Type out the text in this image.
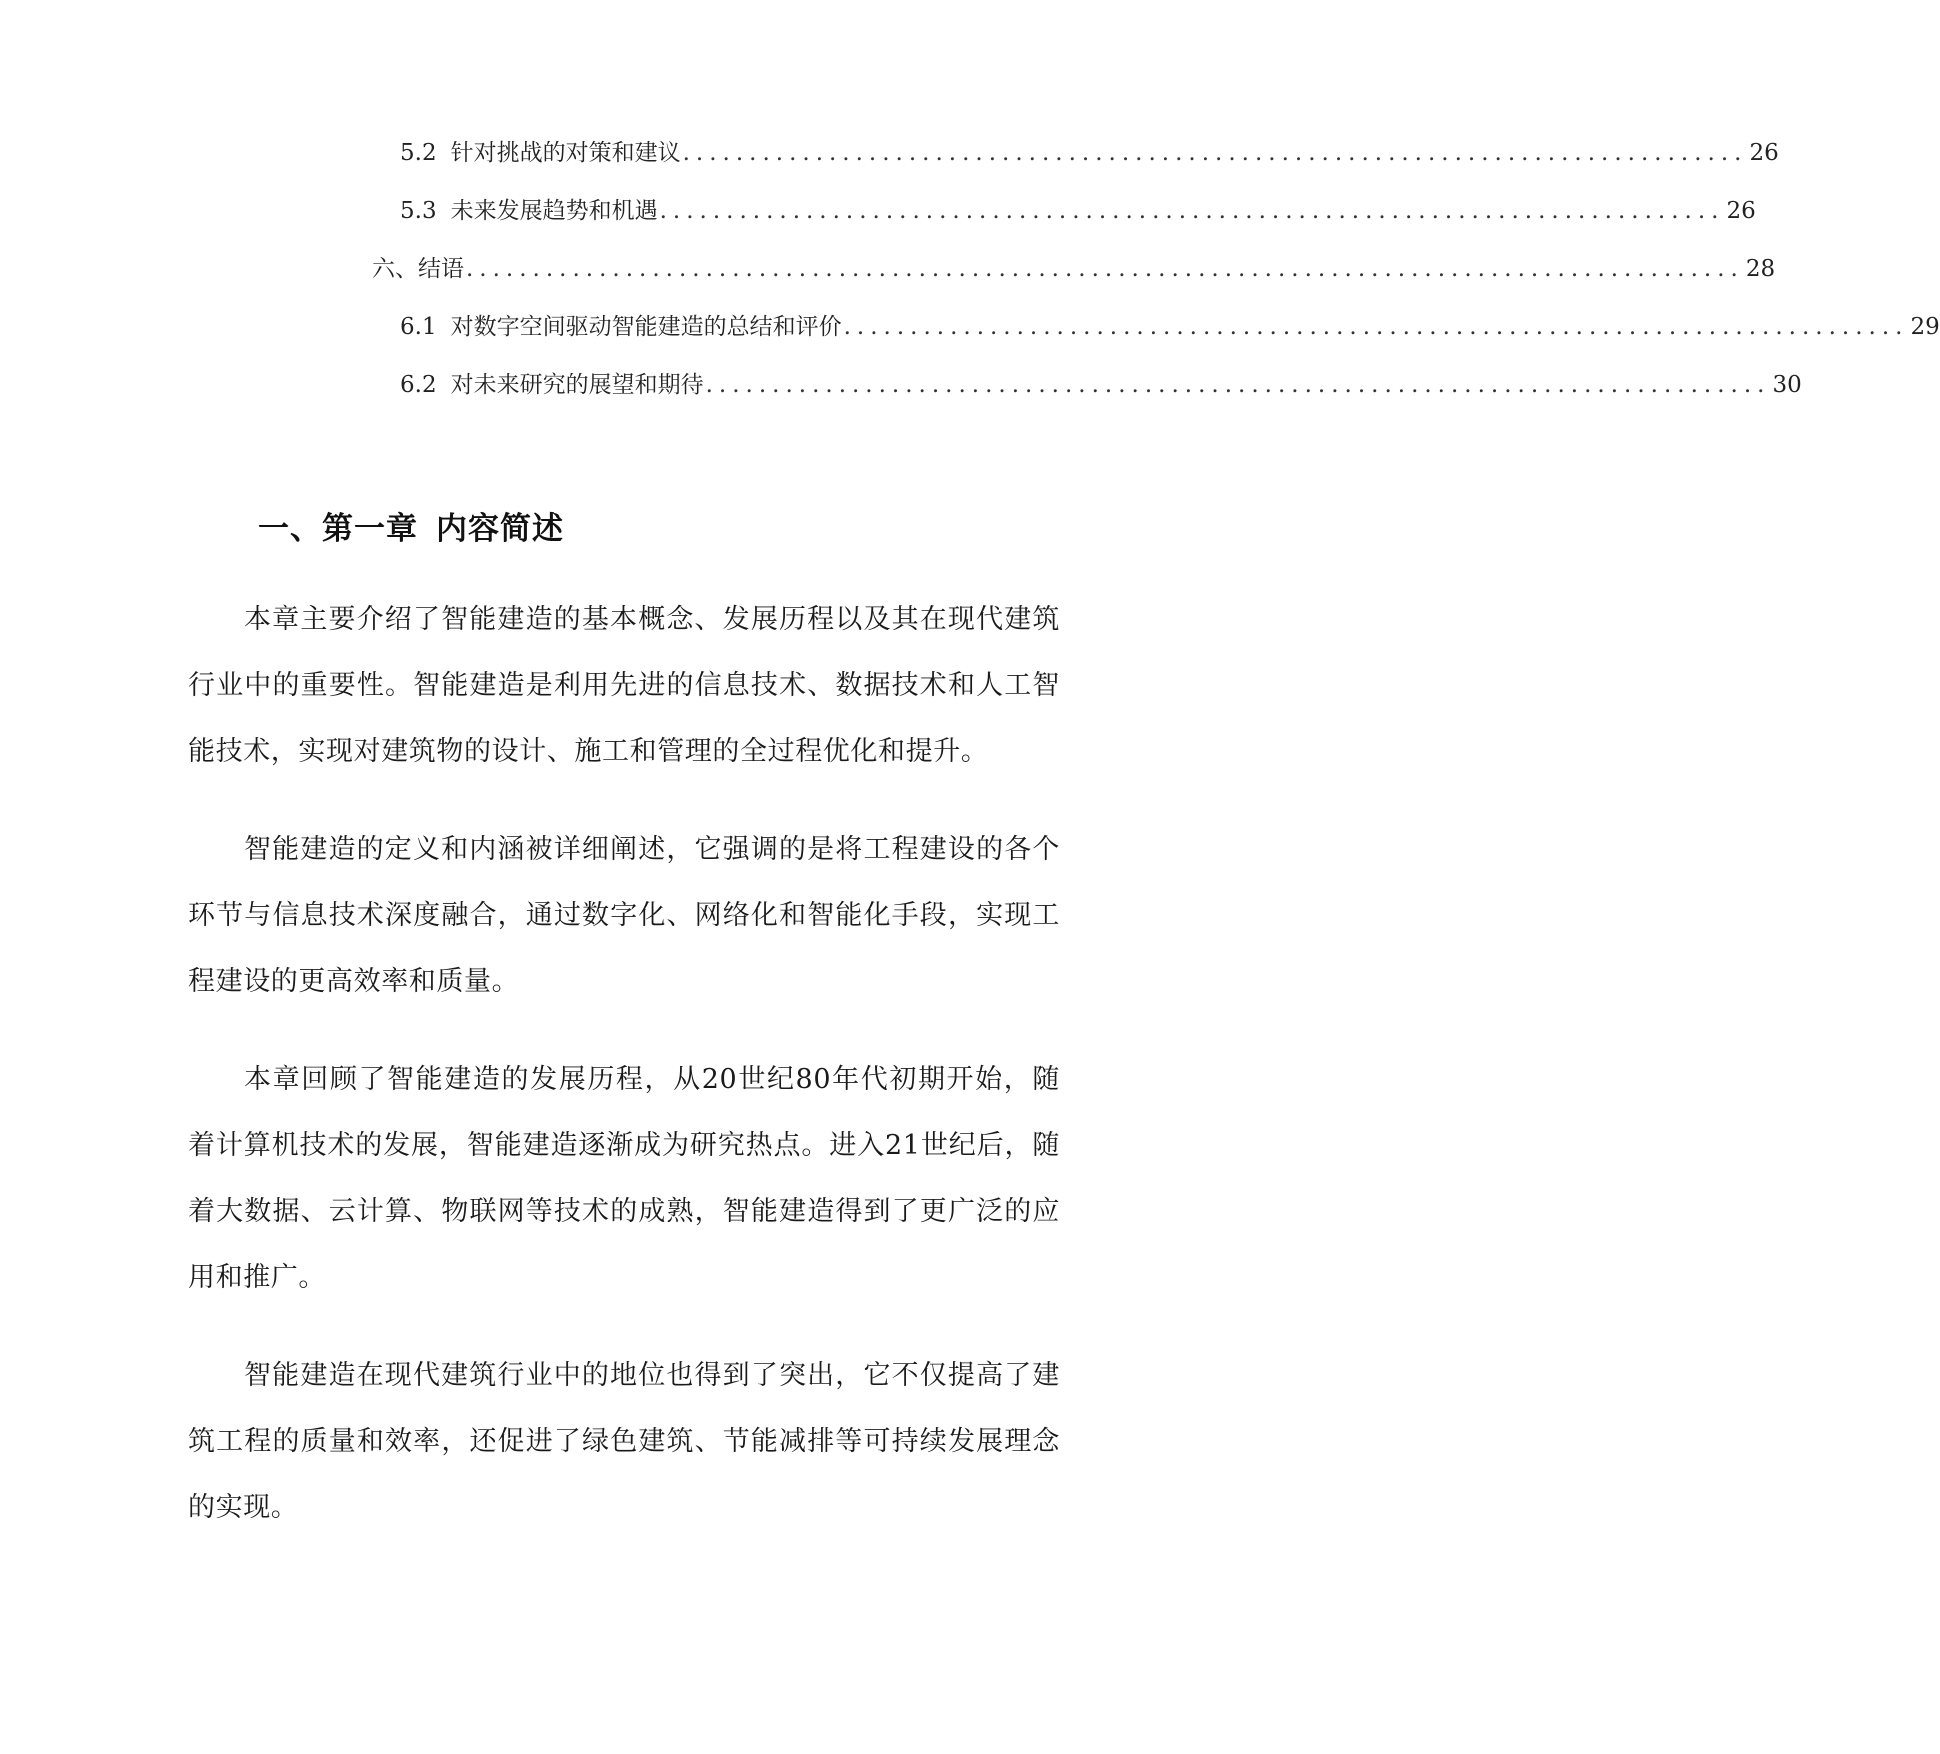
5.2 针对挑战的对策和建议 ................................................................................ 26
5.3 未来发展趋势和机遇 ................................................................................ 26
六、结语 ................................................................................................ 28
6.1 对数字空间驱动智能建造的总结和评价 ................................................................................ 29
6.2 对未来研究的展望和期待 ................................................................................ 30
一、第一章 内容简述

本章主要介绍了智能建造的基本概念、发展历程以及其在现代建筑行业中的重要性。智能建造是利用先进的信息技术、数据技术和人工智能技术，实现对建筑物的设计、施工和管理的全过程优化和提升。

智能建造的定义和内涵被详细阐述，它强调的是将工程建设的各个环节与信息技术深度融合，通过数字化、网络化和智能化手段，实现工程建设的更高效率和质量。

本章回顾了智能建造的发展历程，从20世纪80年代初期开始，随着计算机技术的发展，智能建造逐渐成为研究热点。进入21世纪后，随着大数据、云计算、物联网等技术的成熟，智能建造得到了更广泛的应用和推广。

智能建造在现代建筑行业中的地位也得到了突出，它不仅提高了建筑工程的质量和效率，还促进了绿色建筑、节能减排等可持续发展理念的实现。
